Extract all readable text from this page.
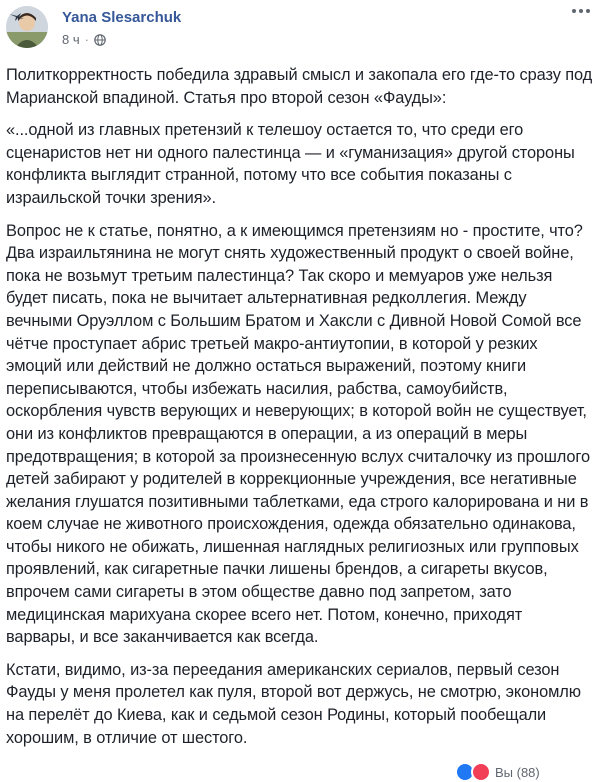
Yana Slesarchuk
8 ч ·

Политкорректность победила здравый смысл и закопала его где-то сразу под Марианской впадиной. Статья про второй сезон «Фауды»:

«...одной из главных претензий к телешоу остается то, что среди его сценаристов нет ни одного палестинца — и «гуманизация» другой стороны конфликта выглядит странной, потому что все события показаны с израильской точки зрения».

Вопрос не к статье, понятно, а к имеющимся претензиям но - простите, что? Два израильтянина не могут снять художественный продукт о своей войне, пока не возьмут третьим палестинца? Так скоро и мемуаров уже нельзя будет писать, пока не вычитает альтернативная редколлегия. Между вечными Оруэллом с Большим Братом и Хаксли с Дивной Новой Сомой все чётче проступает абрис третьей макро-антиутопии, в которой у резких эмоций или действий не должно остаться выражений, поэтому книги переписываются, чтобы избежать насилия, рабства, самоубийств, оскорбления чувств верующих и неверующих; в которой войн не существует, они из конфликтов превращаются в операции, а из операций в меры предотвращения; в которой за произнесенную вслух считалочку из прошлого детей забирают у родителей в коррекционные учреждения, все негативные желания глушатся позитивными таблетками, еда строго калорирована и ни в коем случае не животного происхождения, одежда обязательно одинакова, чтобы никого не обижать, лишенная наглядных религиозных или групповых проявлений, как сигаретные пачки лишены брендов, а сигареты вкусов, впрочем сами сигареты в этом обществе давно под запретом, зато медицинская марихуана скорее всего нет. Потом, конечно, приходят варвары, и все заканчивается как всегда.

Кстати, видимо, из-за переедания американских сериалов, первый сезон Фауды у меня пролетел как пуля, второй вот держусь, не смотрю, экономлю на перелёт до Киева, как и седьмой сезон Родины, который пообещали хорошим, в отличие от шестого.

Вы (88)
